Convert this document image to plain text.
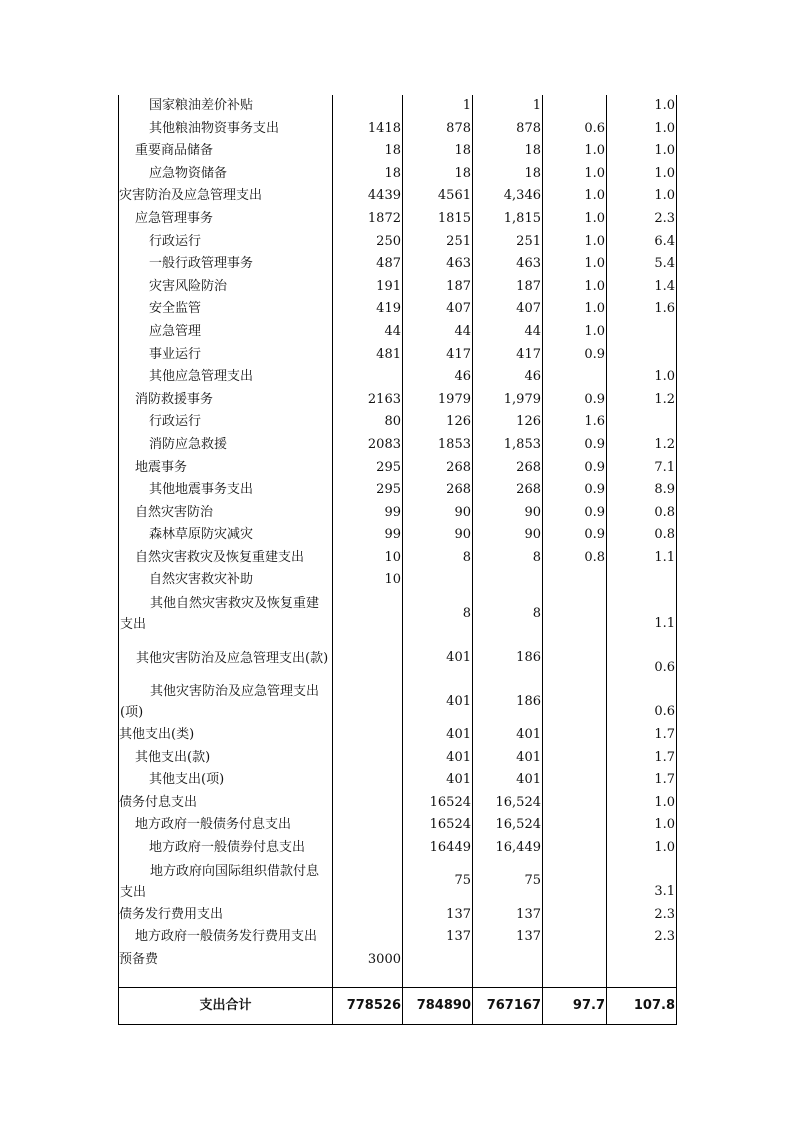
国家粮油差价补贴		1	1		1.0
其他粮油物资事务支出	1418	878	878	0.6	1.0
重要商品储备	18	18	18	1.0	1.0
应急物资储备	18	18	18	1.0	1.0
灾害防治及应急管理支出	4439	4561	4,346	1.0	1.0
应急管理事务	1872	1815	1,815	1.0	2.3
行政运行	250	251	251	1.0	6.4
一般行政管理事务	487	463	463	1.0	5.4
灾害风险防治	191	187	187	1.0	1.4
安全监管	419	407	407	1.0	1.6
应急管理	44	44	44	1.0	
事业运行	481	417	417	0.9	
其他应急管理支出		46	46		1.0
消防救援事务	2163	1979	1,979	0.9	1.2
行政运行	80	126	126	1.6	
消防应急救援	2083	1853	1,853	0.9	1.2
地震事务	295	268	268	0.9	7.1
其他地震事务支出	295	268	268	0.9	8.9
自然灾害防治	99	90	90	0.9	0.8
森林草原防灾减灾	99	90	90	0.9	0.8
自然灾害救灾及恢复重建支出	10	8	8	0.8	1.1
自然灾害救灾补助	10				
其他自然灾害救灾及恢复重建支出		8	8		1.1
其他灾害防治及应急管理支出(款)		401	186		0.6
其他灾害防治及应急管理支出(项)		401	186		0.6
其他支出(类)		401	401		1.7
其他支出(款)		401	401		1.7
其他支出(项)		401	401		1.7
债务付息支出		16524	16,524		1.0
地方政府一般债务付息支出		16524	16,524		1.0
地方政府一般债券付息支出		16449	16,449		1.0
地方政府向国际组织借款付息支出		75	75		3.1
债务发行费用支出		137	137		2.3
地方政府一般债务发行费用支出		137	137		2.3
预备费	3000				

支出合计	778526	784890	767167	97.7	107.8
